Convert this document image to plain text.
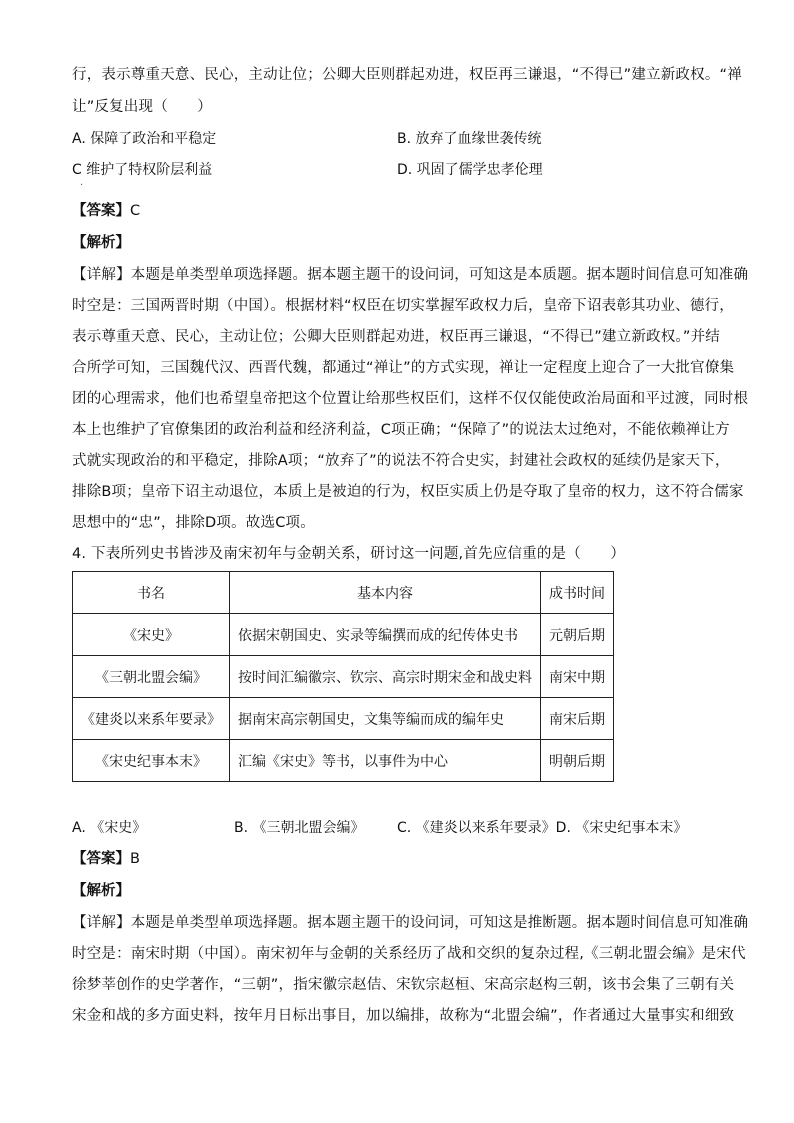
行，表示尊重天意、民心，主动让位；公卿大臣则群起劝进，权臣再三谦退，“不得已”建立新政权。“禅
让”反复出现（　　）
A. 保障了政治和平稳定	B. 放弃了血缘世袭传统
C 维护了特权阶层利益	D. 巩固了儒学忠孝伦理
·
【答案】C
【解析】
【详解】本题是单类型单项选择题。据本题主题干的设问词，可知这是本质题。据本题时间信息可知准确
时空是：三国两晋时期（中国）。根据材料“权臣在切实掌握军政权力后，皇帝下诏表彰其功业、德行，
表示尊重天意、民心，主动让位；公卿大臣则群起劝进，权臣再三谦退，“不得已”建立新政权。”并结
合所学可知，三国魏代汉、西晋代魏，都通过“禅让”的方式实现，禅让一定程度上迎合了一大批官僚集
团的心理需求，他们也希望皇帝把这个位置让给那些权臣们，这样不仅仅能使政治局面和平过渡，同时根
本上也维护了官僚集团的政治利益和经济利益，C项正确；“保障了”的说法太过绝对，不能依赖禅让方
式就实现政治的和平稳定，排除A项；“放弃了”的说法不符合史实，封建社会政权的延续仍是家天下，
排除B项；皇帝下诏主动退位，本质上是被迫的行为，权臣实质上仍是夺取了皇帝的权力，这不符合儒家
思想中的“忠”，排除D项。故选C项。
4. 下表所列史书皆涉及南宋初年与金朝关系，研讨这一问题,首先应信重的是（　　）
书名	基本内容	成书时间
《宋史》	依据宋朝国史、实录等编撰而成的纪传体史书	元朝后期
《三朝北盟会编》	按时间汇编徽宗、钦宗、高宗时期宋金和战史料	南宋中期
《建炎以来系年要录》	据南宋高宗朝国史，文集等编而成的编年史	南宋后期
《宋史纪事本末》	汇编《宋史》等书，以事件为中心	明朝后期
A. 《宋史》	B. 《三朝北盟会编》 C. 《建炎以来系年要录》D. 《宋史纪事本末》
【答案】B
【解析】
【详解】本题是单类型单项选择题。据本题主题干的设问词，可知这是推断题。据本题时间信息可知准确
时空是：南宋时期（中国）。南宋初年与金朝的关系经历了战和交织的复杂过程,《三朝北盟会编》是宋代
徐梦莘创作的史学著作，“三朝”，指宋徽宗赵佶、宋钦宗赵桓、宋高宗赵构三朝，该书会集了三朝有关
宋金和战的多方面史料，按年月日标出事目，加以编排，故称为“北盟会编”，作者通过大量事实和细致
